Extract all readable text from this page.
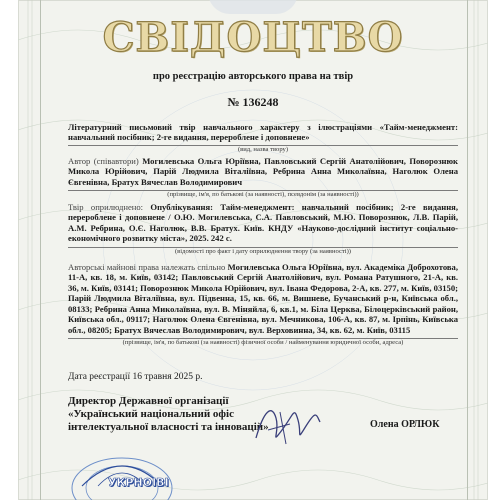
СВІДОЦТВО
про реєстрацію авторського права на твір
№ 136248
Літературний письмовий твір навчального характеру з ілюстраціями «Тайм-менеджмент: навчальний посібник; 2-ге видання, перероблене і доповнене»
(вид, назва твору)
Автор (співавтори) Могилевська Ольга Юріївна, Павловський Сергій Анатолійович, Поворознюк Микола Юрійович, Парій Людмила Віталіївна, Ребрина Анна Миколаївна, Наголюк Олена Євгенівна, Братух Вячеслав Володимирович
(прізвище, ім'я, по батькові (за наявності), псевдонім (за наявності))
Твір оприлюднено: Опублікування: Тайм-менеджмент: навчальний посібник; 2-ге видання, перероблене і доповнене / О.Ю. Могилевська, С.А. Павловський, М.Ю. Поворознюк, Л.В. Парій, А.М. Ребрина, О.Є. Наголюк, В.В. Братух. Київ. КНДУ «Науково-дослідний інститут соціально-економічного розвитку міста», 2025. 242 с.
(відомості про факт і дату оприлюднення твору (за наявності))
Авторські майнові права належать спільно Могилевська Ольга Юріївна, вул. Академіка Доброхотова, 11-А, кв. 18, м. Київ, 03142; Павловський Сергій Анатолійович, вул. Романа Ратушного, 21-А, кв. 36, м. Київ, 03141; Поворознюк Микола Юрійович, вул. Івана Федорова, 2-А, кв. 277, м. Київ, 03150; Парій Людмила Віталіївна, вул. Підвенна, 15, кв. 66, м. Вишневе, Бучанський р-н, Київська обл., 08133; Ребрина Анна Миколаївна, вул. В. Міняйла, 6, кв.1, м. Біла Церква, Білоцерківський район, Київська обл., 09117; Наголюк Олена Євгенівна, вул. Мечникова, 106-А, кв. 87, м. Ірпінь, Київська обл., 08205; Братух Вячеслав Володимирович, вул. Верховинна, 34, кв. 62, м. Київ, 03115
(прізвище, ім'я, по батькові (за наявності) фізичної особи / найменування юридичної особи, адреса)
Дата реєстрації 16 травня 2025 р.
Директор Державної організації «Український національний офіс інтелектуальної власності та інновацій»	Олена ОРЛЮК
УКРНОІВІ
